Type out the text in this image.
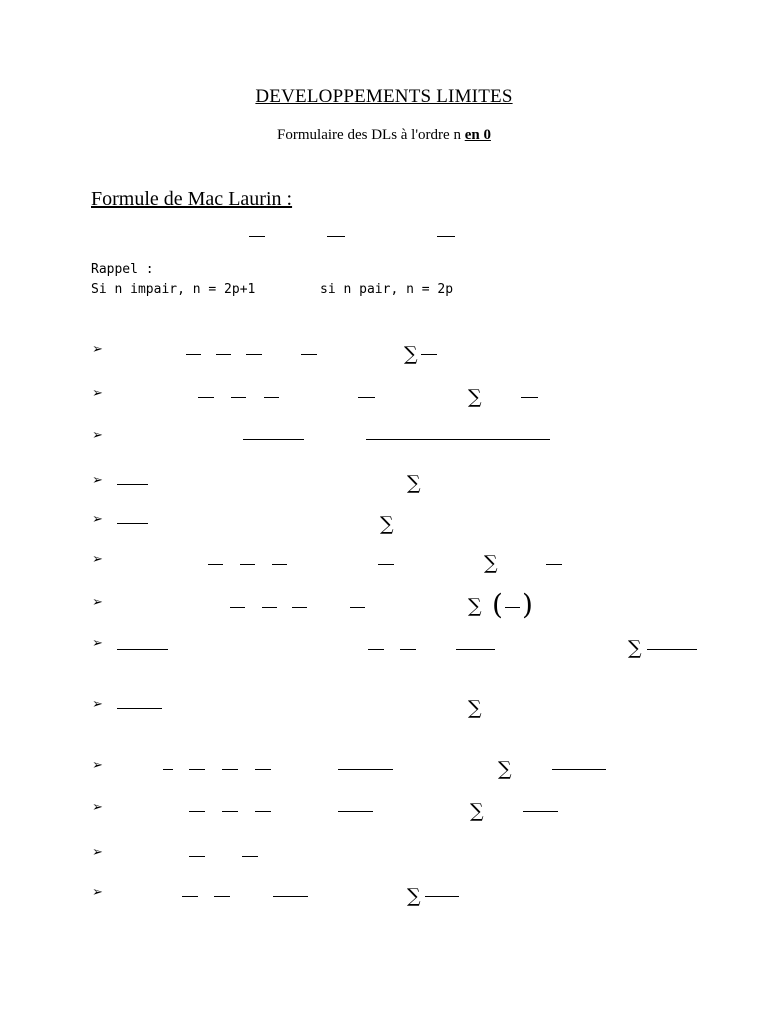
DEVELOPPEMENTS LIMITES
Formulaire des DLs à l'ordre n en 0
Formule de Mac Laurin :
Rappel :
Si n impair, n = 2p+1	si n pair, n = 2p
➢	∑
➢	∑
➢
➢	∑
➢	∑
➢	∑
➢	∑ ( )
➢	∑
➢	∑
➢	∑
➢	∑
➢
➢	∑
